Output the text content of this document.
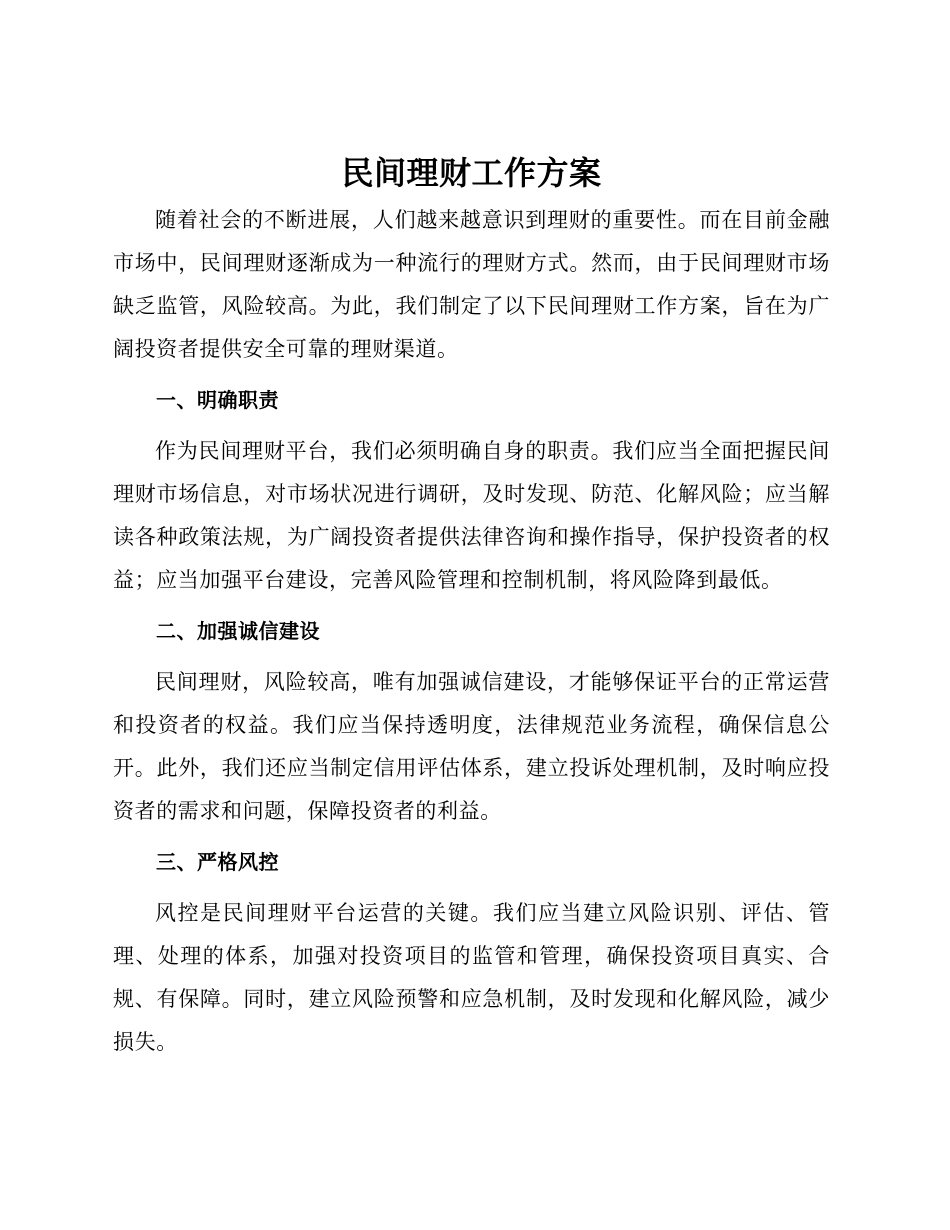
民间理财工作方案

随着社会的不断进展，人们越来越意识到理财的重要性。而在目前金融市场中，民间理财逐渐成为一种流行的理财方式。然而，由于民间理财市场缺乏监管，风险较高。为此，我们制定了以下民间理财工作方案，旨在为广阔投资者提供安全可靠的理财渠道。

一、明确职责

作为民间理财平台，我们必须明确自身的职责。我们应当全面把握民间理财市场信息，对市场状况进行调研，及时发现、防范、化解风险；应当解读各种政策法规，为广阔投资者提供法律咨询和操作指导，保护投资者的权益；应当加强平台建设，完善风险管理和控制机制，将风险降到最低。

二、加强诚信建设

民间理财，风险较高，唯有加强诚信建设，才能够保证平台的正常运营和投资者的权益。我们应当保持透明度，法律规范业务流程，确保信息公开。此外，我们还应当制定信用评估体系，建立投诉处理机制，及时响应投资者的需求和问题，保障投资者的利益。

三、严格风控

风控是民间理财平台运营的关键。我们应当建立风险识别、评估、管理、处理的体系，加强对投资项目的监管和管理，确保投资项目真实、合规、有保障。同时，建立风险预警和应急机制，及时发现和化解风险，减少损失。
